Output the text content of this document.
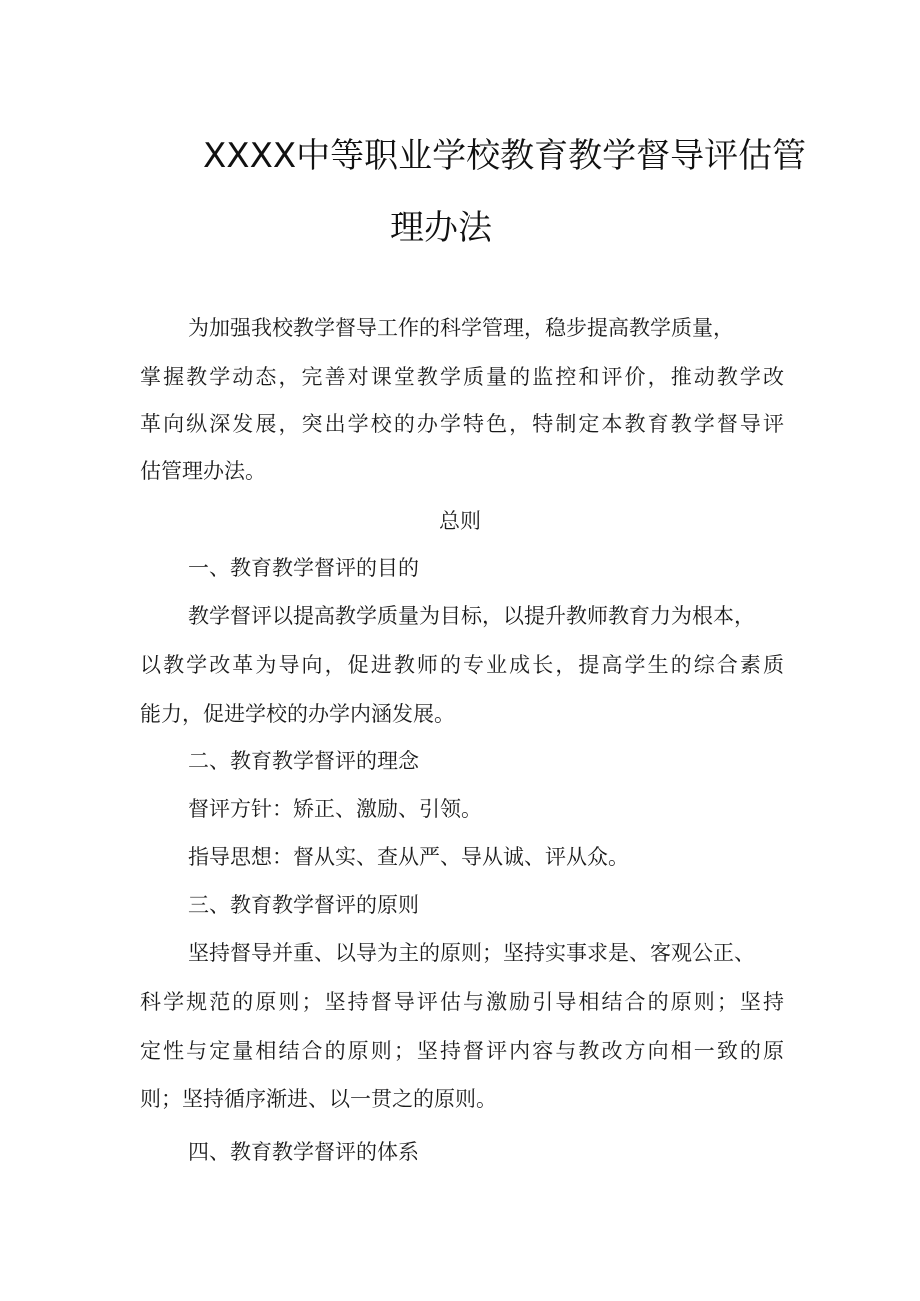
XXXX中等职业学校教育教学督导评估管
理办法

为加强我校教学督导工作的科学管理，稳步提高教学质量，

掌握教学动态，完善对课堂教学质量的监控和评价，推动教学改

革向纵深发展，突出学校的办学特色，特制定本教育教学督导评

估管理办法。

总则

一、教育教学督评的目的

教学督评以提高教学质量为目标，以提升教师教育力为根本，

以教学改革为导向，促进教师的专业成长，提高学生的综合素质

能力，促进学校的办学内涵发展。

二、教育教学督评的理念

督评方针：矫正、激励、引领。

指导思想：督从实、查从严、导从诚、评从众。

三、教育教学督评的原则

坚持督导并重、以导为主的原则；坚持实事求是、客观公正、

科学规范的原则；坚持督导评估与激励引导相结合的原则；坚持

定性与定量相结合的原则；坚持督评内容与教改方向相一致的原

则；坚持循序渐进、以一贯之的原则。

四、教育教学督评的体系
